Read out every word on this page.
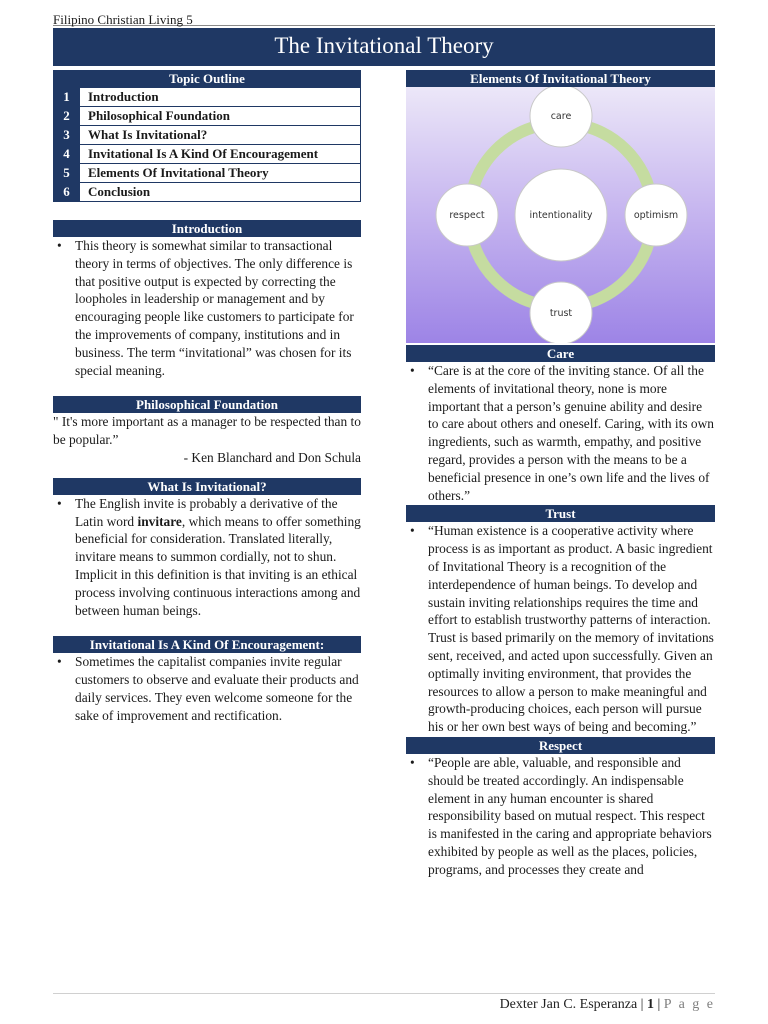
Filipino Christian Living 5
The Invitational Theory
Topic Outline
1	Introduction
2	Philosophical Foundation
3	What Is Invitational?
4	Invitational Is A Kind Of Encouragement
5	Elements Of Invitational Theory
6	Conclusion
Introduction
• This theory is somewhat similar to transactional theory in terms of objectives. The only difference is that positive output is expected by correcting the loopholes in leadership or management and by encouraging people like customers to participate for the improvements of company, institutions and in business. The term “invitational” was chosen for its special meaning.
Philosophical Foundation
" It's more important as a manager to be respected than to be popular.”
- Ken Blanchard and Don Schula
What Is Invitational?
• The English invite is probably a derivative of the Latin word invitare, which means to offer something beneficial for consideration. Translated literally, invitare means to summon cordially, not to shun. Implicit in this definition is that inviting is an ethical process involving continuous interactions among and between human beings.
Invitational Is A Kind Of Encouragement:
• Sometimes the capitalist companies invite regular customers to observe and evaluate their products and daily services. They even welcome someone for the sake of improvement and rectification.
Elements Of Invitational Theory
intentionality
care
optimism
trust
respect
Care
• “Care is at the core of the inviting stance. Of all the elements of invitational theory, none is more important that a person’s genuine ability and desire to care about others and oneself. Caring, with its own ingredients, such as warmth, empathy, and positive regard, provides a person with the means to be a beneficial presence in one’s own life and the lives of others.”
Trust
• “Human existence is a cooperative activity where process is as important as product. A basic ingredient of Invitational Theory is a recognition of the interdependence of human beings. To develop and sustain inviting relationships requires the time and effort to establish trustworthy patterns of interaction. Trust is based primarily on the memory of invitations sent, received, and acted upon successfully. Given an optimally inviting environment, that provides the resources to allow a person to make meaningful and growth-producing choices, each person will pursue his or her own best ways of being and becoming.”
Respect
• “People are able, valuable, and responsible and should be treated accordingly. An indispensable element in any human encounter is shared responsibility based on mutual respect. This respect is manifested in the caring and appropriate behaviors exhibited by people as well as the places, policies, programs, and processes they create and
Dexter Jan C. Esperanza | 1 | P a g e
